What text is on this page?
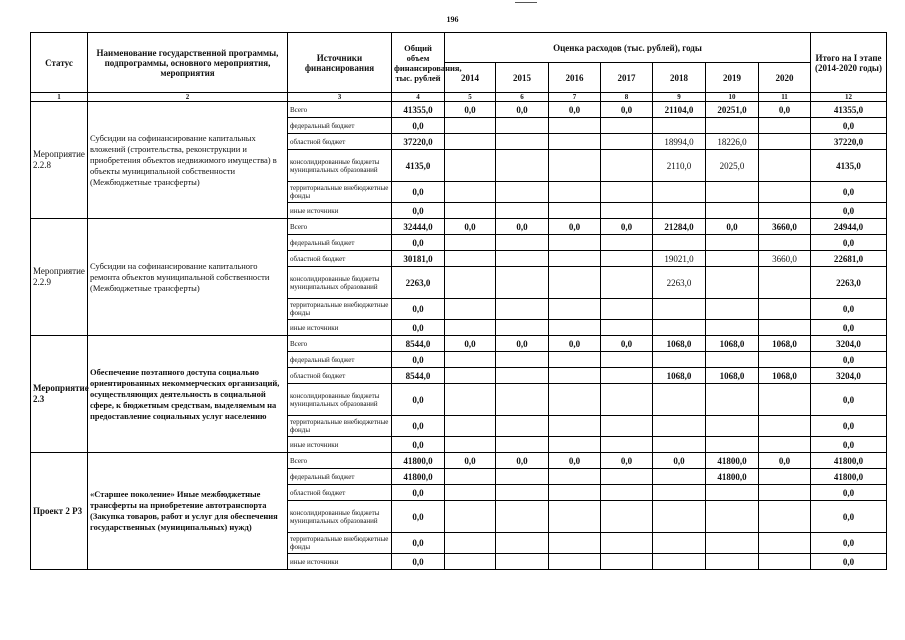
196
Статус	Наименование государственной программы, подпрограммы, основного мероприятия, мероприятия	Источники финансирования	Общий объем финансирования, тыс. рублей	Оценка расходов (тыс. рублей), годы							Итого на I этапе (2014-2020 годы)
				2014	2015	2016	2017	2018	2019	2020	
1	2	3	4	5	6	7	8	9	10	11	12
Мероприятие 2.2.8	Субсидии на софинансирование капитальных вложений (строительства, реконструкции и приобретения объектов недвижимого имущества) в объекты муниципальной собственности (Межбюджетные трансферты)	Всего	41355,0	0,0	0,0	0,0	0,0	21104,0	20251,0	0,0	41355,0
		федеральный бюджет	0,0								0,0
		областной бюджет	37220,0					18994,0	18226,0		37220,0
		консолидированные бюджеты муниципальных образований	4135,0					2110,0	2025,0		4135,0
		территориальные внебюджетные фонды	0,0								0,0
		иные источники	0,0								0,0
Мероприятие 2.2.9	Субсидии на софинансирование капитального ремонта объектов муниципальной собственности (Межбюджетные трансферты)	Всего	32444,0	0,0	0,0	0,0	0,0	21284,0	0,0	3660,0	24944,0
		федеральный бюджет	0,0								0,0
		областной бюджет	30181,0					19021,0		3660,0	22681,0
		консолидированные бюджеты муниципальных образований	2263,0					2263,0			2263,0
		территориальные внебюджетные фонды	0,0								0,0
		иные источники	0,0								0,0
Мероприятие 2.3	Обеспечение поэтапного доступа социально ориентированных некоммерческих организаций, осуществляющих деятельность в социальной сфере, к бюджетным средствам, выделяемым на предоставление социальных услуг населению	Всего	8544,0	0,0	0,0	0,0	0,0	1068,0	1068,0	1068,0	3204,0
		федеральный бюджет	0,0								0,0
		областной бюджет	8544,0					1068,0	1068,0	1068,0	3204,0
		консолидированные бюджеты муниципальных образований	0,0								0,0
		территориальные внебюджетные фонды	0,0								0,0
		иные источники	0,0								0,0
Проект 2 Р3	«Старшее поколение» Иные межбюджетные трансферты на приобретение автотранспорта (Закупка товаров, работ и услуг для обеспечения государственных (муниципальных) нужд)	Всего	41800,0	0,0	0,0	0,0	0,0	0,0	41800,0	0,0	41800,0
		федеральный бюджет	41800,0						41800,0		41800,0
		областной бюджет	0,0								0,0
		консолидированные бюджеты муниципальных образований	0,0								0,0
		территориальные внебюджетные фонды	0,0								0,0
		иные источники	0,0								0,0
